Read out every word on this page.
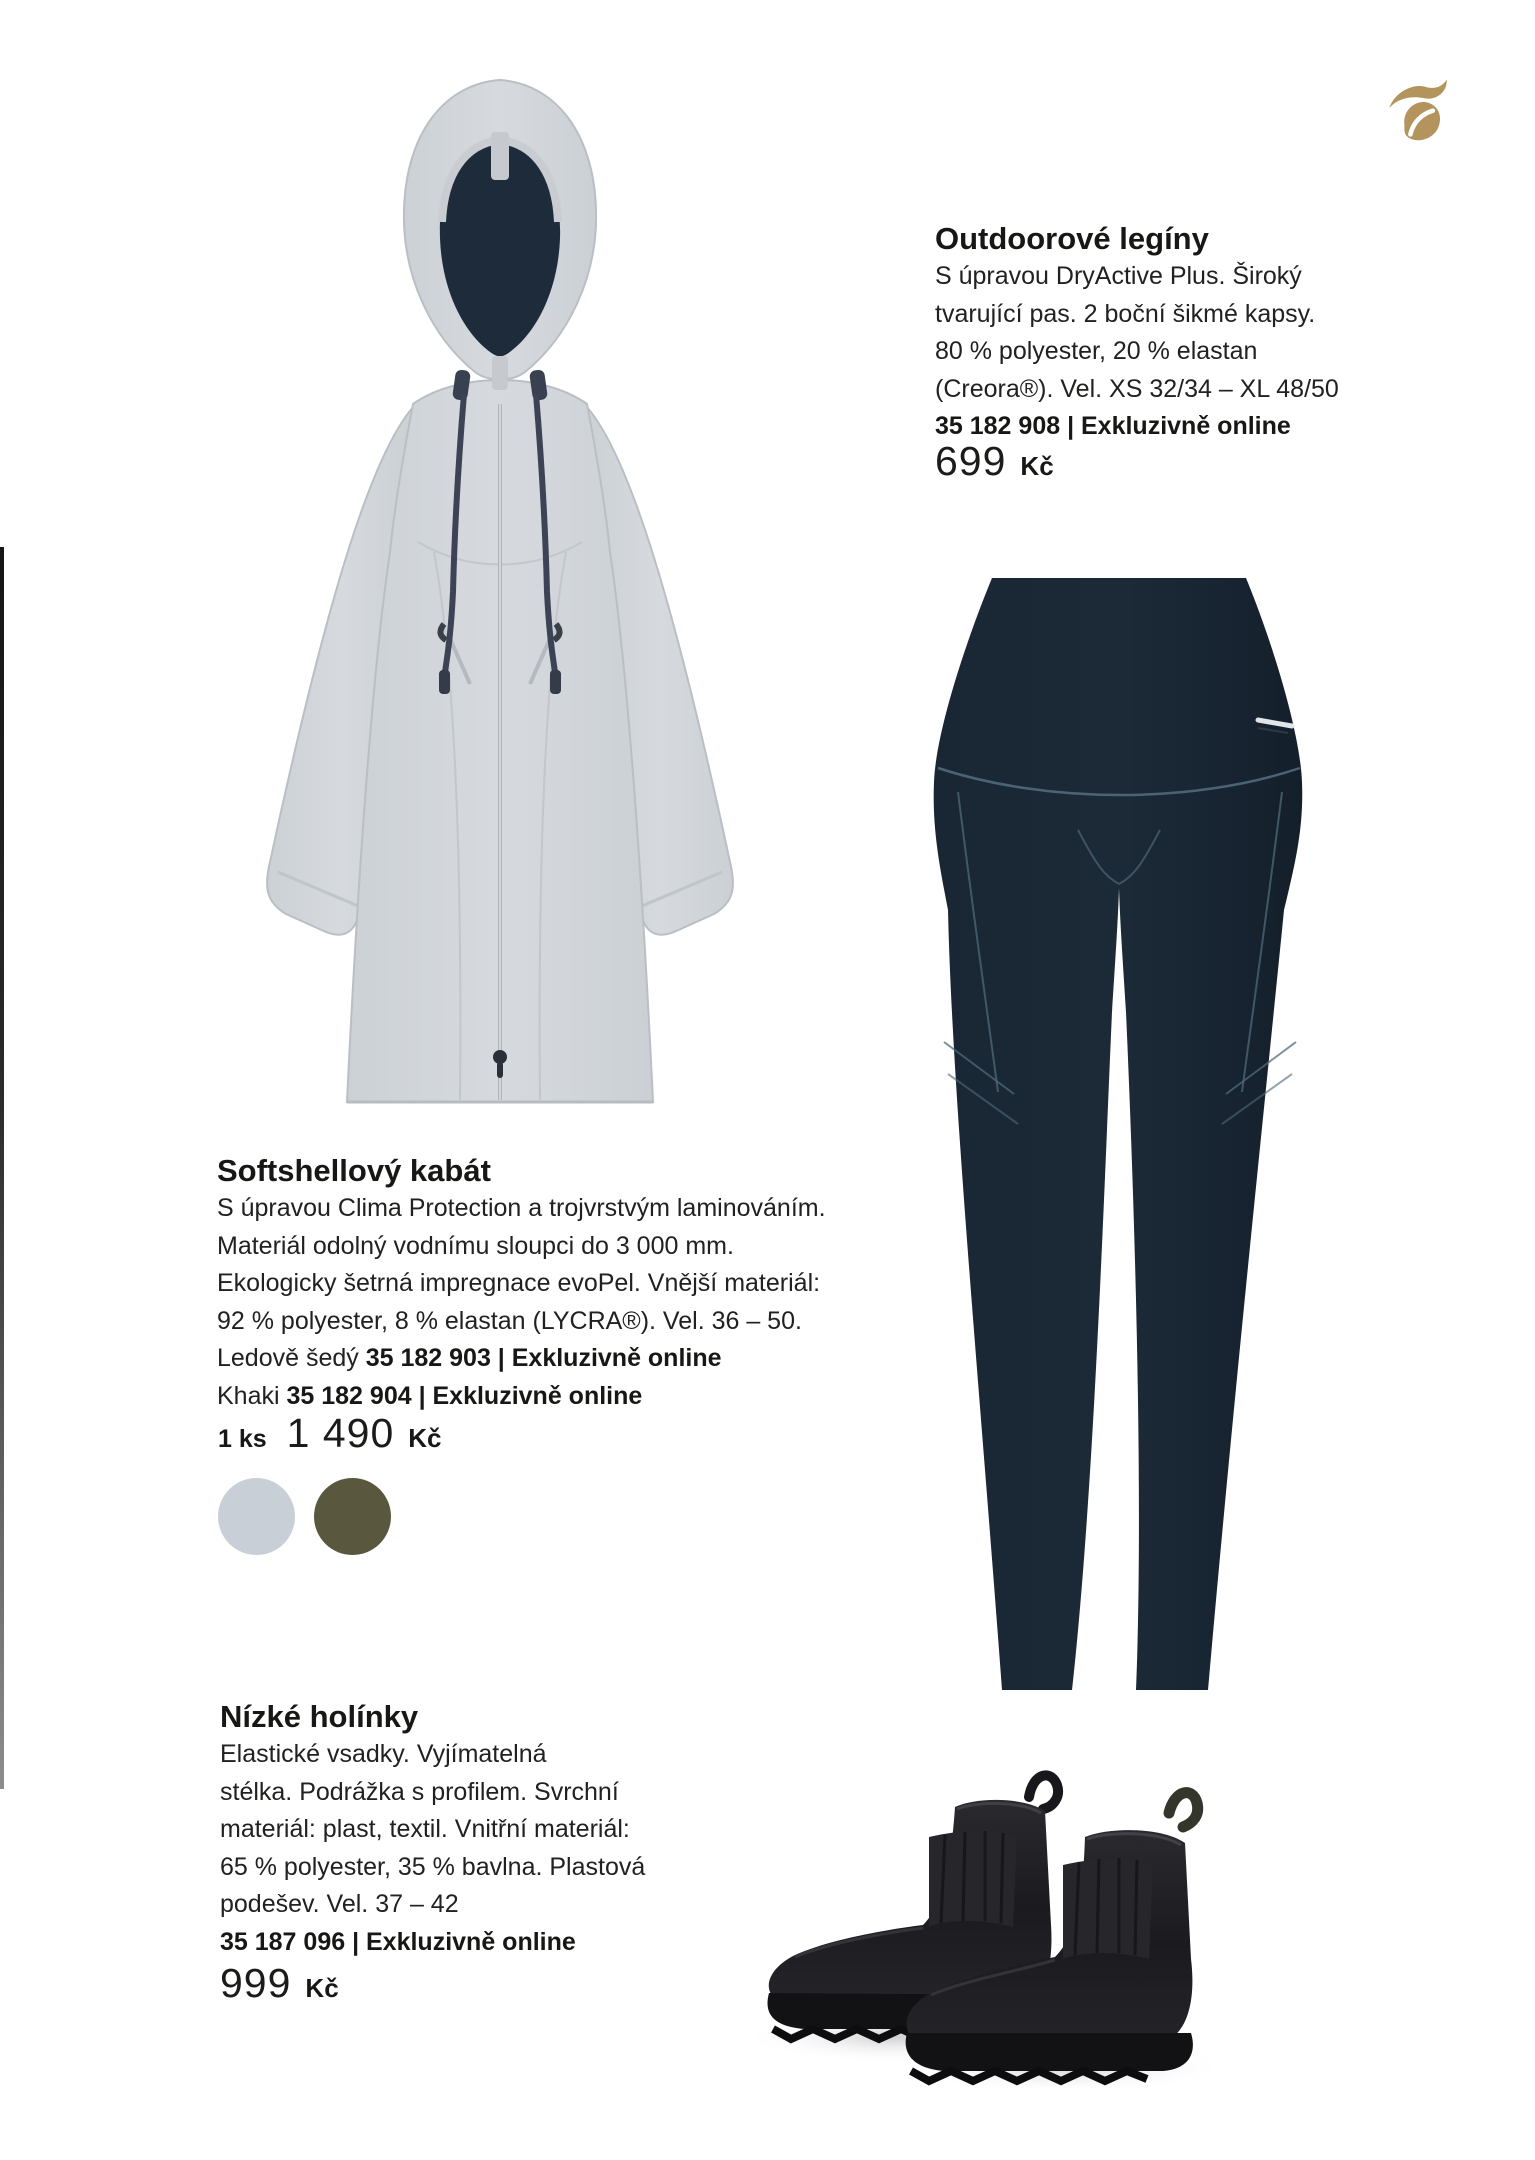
Outdoorové legíny

S úpravou DryActive Plus. Široký

tvarující pas. 2 boční šikmé kapsy.

80 % polyester, 20 % elastan

(Creora®). Vel. XS 32/34 – XL 48/50

35 182 908 | Exkluzivně online

699 Kč
Softshellový kabát

S úpravou Clima Protection a trojvrstvým laminováním.

Materiál odolný vodnímu sloupci do 3 000 mm.

Ekologicky šetrná impregnace evoPel. Vnější materiál:

92 % polyester, 8 % elastan (LYCRA®). Vel. 36 – 50.

Ledově šedý 35 182 903 | Exkluzivně online

Khaki 35 182 904 | Exkluzivně online

1 ks 1 490 Kč
Nízké holínky

Elastické vsadky. Vyjímatelná

stélka. Podrážka s profilem. Svrchní

materiál: plast, textil. Vnitřní materiál:

65 % polyester, 35 % bavlna. Plastová

podešev. Vel. 37 – 42

35 187 096 | Exkluzivně online

999 Kč
